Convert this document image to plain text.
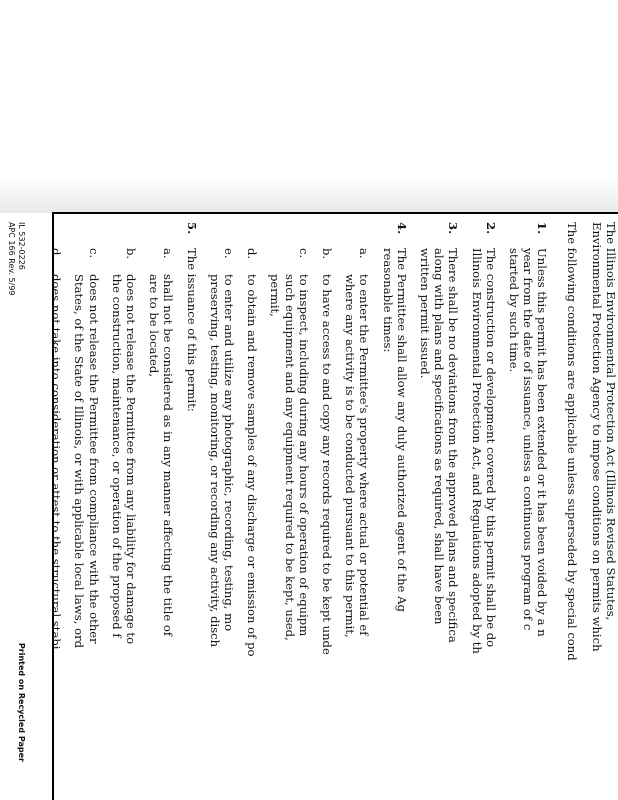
The Illinois Environmental Protection Act (Illinois Revised Statutes,
Environmental Protection Agency to impose conditions on permits which
The following conditions are applicable unless superseded by special cond
1.
Unless this permit has been extended or it has been voided by a n
year from the date of issuance, unless a continuous program of c
started by such time.
2.
The construction or development covered by this permit shall be do
Illinois Environmental Protection Act, and Regulations adopted by th
3.
There shall be no deviations from the approved plans and specifica
along with plans and specifications as required, shall have been
written permit issued.
4.
The Permittee shall allow any duly authorized agent of the Ag
reasonable times:
a.
to enter the Permittee's property where actual or potential ef
where any activity is to be conducted pursuant to this permit,
b.
to have access to and copy any records required to be kept unde
c.
to inspect, including during any hours of operation of equipm
such equipment and any equipment required to be kept, used,
permit,
d.
to obtain and remove samples of any discharge or emission of po
e.
to enter and utilize any photographic, recording, testing, mo
preserving, testing, monitoring, or recording any activity, disch
5.
The issuance of this permit:
a.
shall not be considered as in any manner affecting the title of
are to be located,
b.
does not release the Permittee from any liability for damage to
the construction, maintenance, or operation of the proposed f
c.
does not release the Permittee from compliance with the other
States, of the State of Illinois, or with applicable local laws, ord
d.
does not take into consideration or attest to the structural stabi
IL 532-0226
APC 166 Rev. 5/99
Printed on Recycled Paper
